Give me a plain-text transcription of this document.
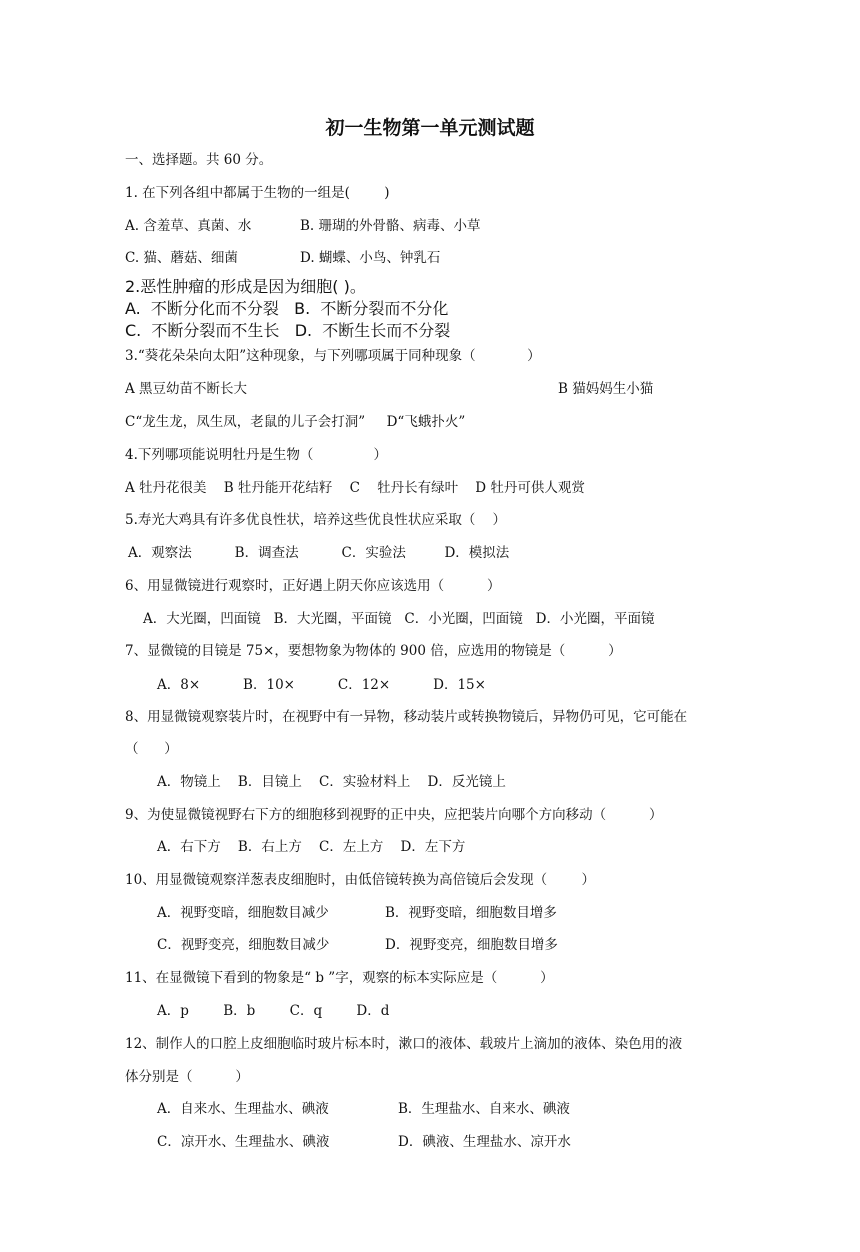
初一生物第一单元测试题
一、选择题。共 60 分。
1. 在下列各组中都属于生物的一组是(        )
A. 含羞草、真菌、水	B. 珊瑚的外骨骼、病毒、小草
C. 猫、蘑菇、细菌	D. 蝴蝶、小鸟、钟乳石
2.恶性肿瘤的形成是因为细胞( )。
A.  不断分化而不分裂   B.  不断分裂而不分化
C.  不断分裂而不生长   D.  不断生长而不分裂
3.“葵花朵朵向太阳”这种现象，与下列哪项属于同种现象（            ）
A 黑豆幼苗不断长大	B 猫妈妈生小猫
C“龙生龙，凤生凤，老鼠的儿子会打洞”     D“飞蛾扑火”
4.下列哪项能说明牡丹是生物（              ）
A 牡丹花很美    B 牡丹能开花结籽    C    牡丹长有绿叶    D 牡丹可供人观赏
5.寿光大鸡具有许多优良性状，培养这些优良性状应采取（    ）
A．观察法          B．调查法          C．实验法         D．模拟法
6、用显微镜进行观察时，正好遇上阴天你应该选用（          ）
A．大光圈，凹面镜   B．大光圈，平面镜   C．小光圈，凹面镜   D．小光圈，平面镜
7、显微镜的目镜是 75×，要想物象为物体的 900 倍，应选用的物镜是（          ）
A．8×          B．10×          C．12×          D．15×
8、用显微镜观察装片时，在视野中有一异物，移动装片或转换物镜后，异物仍可见，它可能在
（      ）
A．物镜上    B．目镜上    C．实验材料上    D．反光镜上
9、为使显微镜视野右下方的细胞移到视野的正中央，应把装片向哪个方向移动（          ）
A．右下方    B．右上方    C．左上方    D．左下方
10、用显微镜观察洋葱表皮细胞时，由低倍镜转换为高倍镜后会发现（        ）
A．视野变暗，细胞数目减少	B．视野变暗，细胞数目增多
C．视野变亮，细胞数目减少	D．视野变亮，细胞数目增多
11、在显微镜下看到的物象是“ b ”字，观察的标本实际应是（          ）
A．p        B．b        C．q        D．d
12、制作人的口腔上皮细胞临时玻片标本时，漱口的液体、载玻片上滴加的液体、染色用的液
体分别是（          ）
A．自来水、生理盐水、碘液	B．生理盐水、自来水、碘液
C．凉开水、生理盐水、碘液	D．碘液、生理盐水、凉开水
